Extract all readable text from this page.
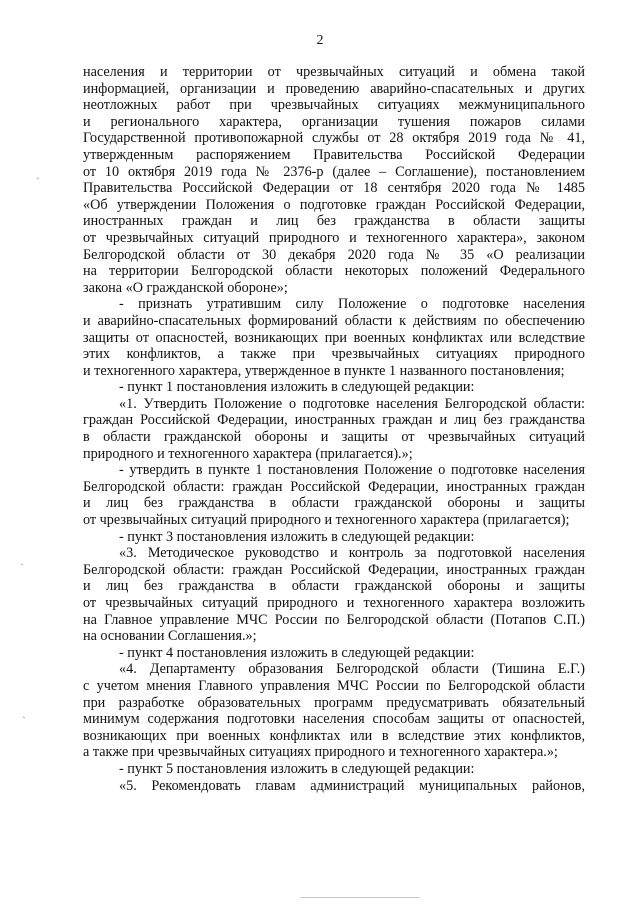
2
населения и территории от чрезвычайных ситуаций и обмена такой
информацией, организации и проведению аварийно-спасательных и других
неотложных работ при чрезвычайных ситуациях межмуниципального
и регионального характера, организации тушения пожаров силами
Государственной противопожарной службы от 28 октября 2019 года № 41,
утвержденным распоряжением Правительства Российской Федерации
от 10 октября 2019 года № 2376-р (далее – Соглашение), постановлением
Правительства Российской Федерации от 18 сентября 2020 года № 1485
«Об утверждении Положения о подготовке граждан Российской Федерации,
иностранных граждан и лиц без гражданства в области защиты
от чрезвычайных ситуаций природного и техногенного характера», законом
Белгородской области от 30 декабря 2020 года № 35 «О реализации
на территории Белгородской области некоторых положений Федерального
закона «О гражданской обороне»;
- признать утратившим силу Положение о подготовке населения
и аварийно-спасательных формирований области к действиям по обеспечению
защиты от опасностей, возникающих при военных конфликтах или вследствие
этих конфликтов, а также при чрезвычайных ситуациях природного
и техногенного характера, утвержденное в пункте 1 названного постановления;
- пункт 1 постановления изложить в следующей редакции:
«1. Утвердить Положение о подготовке населения Белгородской области:
граждан Российской Федерации, иностранных граждан и лиц без гражданства
в области гражданской обороны и защиты от чрезвычайных ситуаций
природного и техногенного характера (прилагается).»;
- утвердить в пункте 1 постановления Положение о подготовке населения
Белгородской области: граждан Российской Федерации, иностранных граждан
и лиц без гражданства в области гражданской обороны и защиты
от чрезвычайных ситуаций природного и техногенного характера (прилагается);
- пункт 3 постановления изложить в следующей редакции:
«3. Методическое руководство и контроль за подготовкой населения
Белгородской области: граждан Российской Федерации, иностранных граждан
и лиц без гражданства в области гражданской обороны и защиты
от чрезвычайных ситуаций природного и техногенного характера возложить
на Главное управление МЧС России по Белгородской области (Потапов С.П.)
на основании Соглашения.»;
- пункт 4 постановления изложить в следующей редакции:
«4. Департаменту образования Белгородской области (Тишина Е.Г.)
с учетом мнения Главного управления МЧС России по Белгородской области
при разработке образовательных программ предусматривать обязательный
минимум содержания подготовки населения способам защиты от опасностей,
возникающих при военных конфликтах или в вследствие этих конфликтов,
а также при чрезвычайных ситуациях природного и техногенного характера.»;
- пункт 5 постановления изложить в следующей редакции:
«5. Рекомендовать главам администраций муниципальных районов,
ˋ
·
ˏ
